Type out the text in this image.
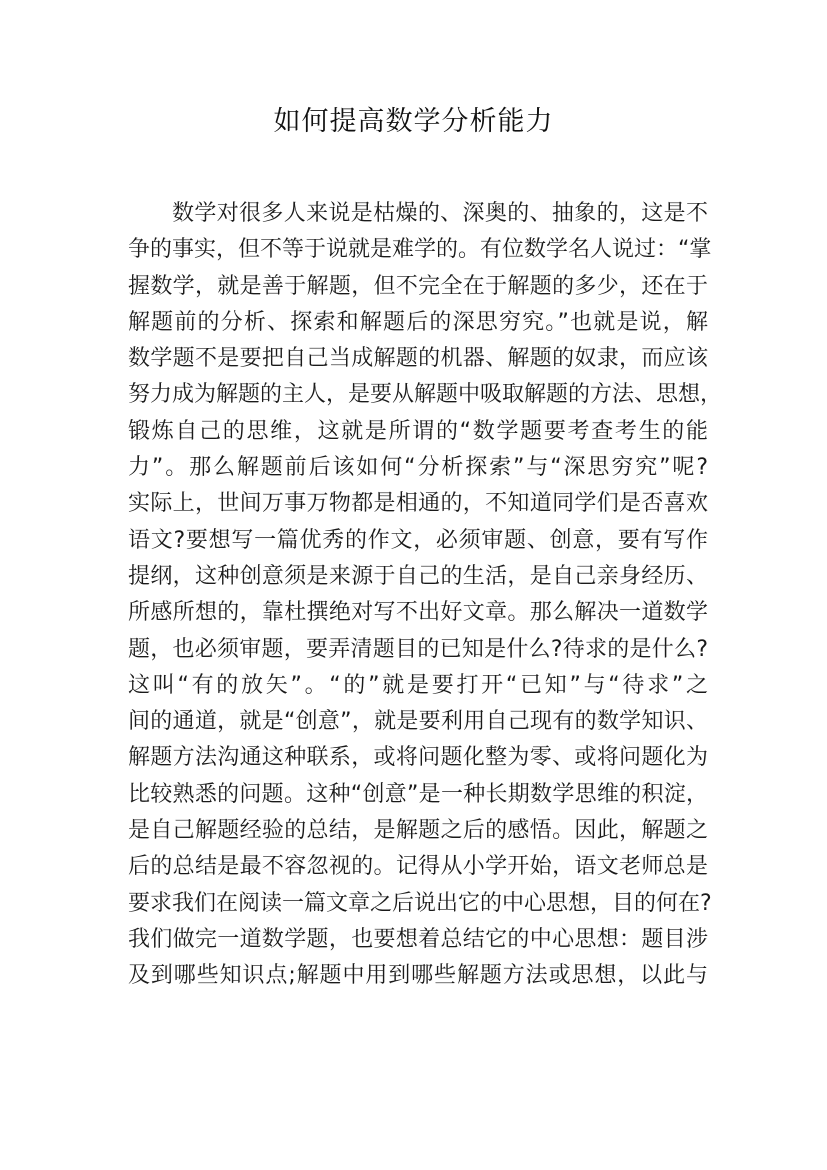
如何提高数学分析能力
数学对很多人来说是枯燥的、深奥的、抽象的，这是不
争的事实，但不等于说就是难学的。有位数学名人说过：“掌
握数学，就是善于解题，但不完全在于解题的多少，还在于
解题前的分析、探索和解题后的深思穷究。”也就是说，解
数学题不是要把自己当成解题的机器、解题的奴隶，而应该
努力成为解题的主人，是要从解题中吸取解题的方法、思想，
锻炼自己的思维，这就是所谓的“数学题要考查考生的能
力”。那么解题前后该如何“分析探索”与“深思穷究”呢?
实际上，世间万事万物都是相通的，不知道同学们是否喜欢
语文?要想写一篇优秀的作文，必须审题、创意，要有写作
提纲，这种创意须是来源于自己的生活，是自己亲身经历、
所感所想的，靠杜撰绝对写不出好文章。那么解决一道数学
题，也必须审题，要弄清题目的已知是什么?待求的是什么?
这叫“有的放矢”。“的”就是要打开“已知”与“待求”之
间的通道，就是“创意”，就是要利用自己现有的数学知识、
解题方法沟通这种联系，或将问题化整为零、或将问题化为
比较熟悉的问题。这种“创意”是一种长期数学思维的积淀，
是自己解题经验的总结，是解题之后的感悟。因此，解题之
后的总结是最不容忽视的。记得从小学开始，语文老师总是
要求我们在阅读一篇文章之后说出它的中心思想，目的何在?
我们做完一道数学题，也要想着总结它的中心思想：题目涉
及到哪些知识点;解题中用到哪些解题方法或思想，以此与
